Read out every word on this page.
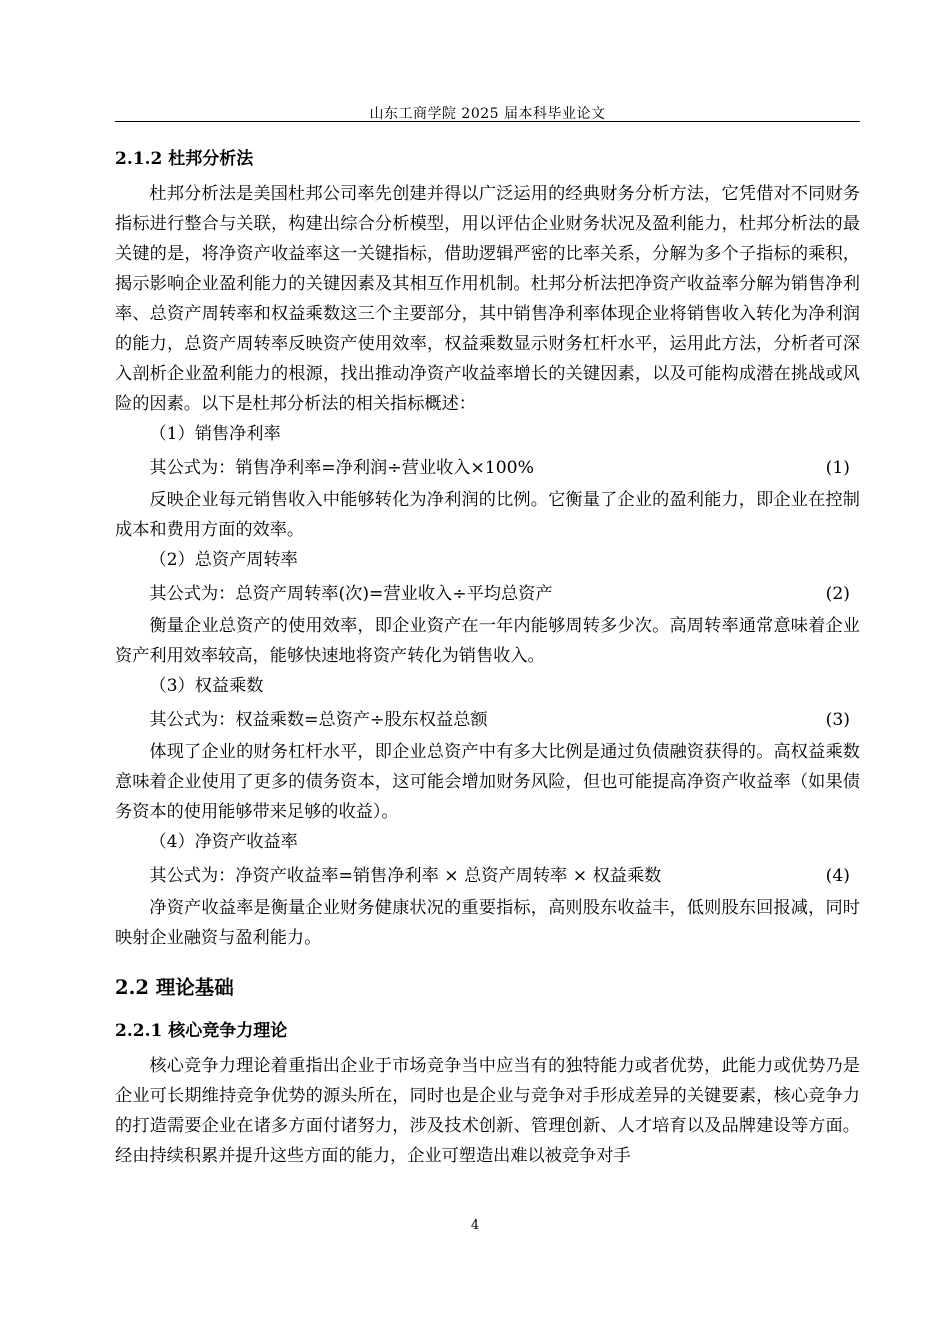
山东工商学院 2025 届本科毕业论文
2.1.2 杜邦分析法

杜邦分析法是美国杜邦公司率先创建并得以广泛运用的经典财务分析方法，它凭借对不同财务指标进行整合与关联，构建出综合分析模型，用以评估企业财务状况及盈利能力，杜邦分析法的最关键的是，将净资产收益率这一关键指标，借助逻辑严密的比率关系，分解为多个子指标的乘积，揭示影响企业盈利能力的关键因素及其相互作用机制。杜邦分析法把净资产收益率分解为销售净利率、总资产周转率和权益乘数这三个主要部分，其中销售净利率体现企业将销售收入转化为净利润的能力，总资产周转率反映资产使用效率，权益乘数显示财务杠杆水平，运用此方法，分析者可深入剖析企业盈利能力的根源，找出推动净资产收益率增长的关键因素，以及可能构成潜在挑战或风险的因素。以下是杜邦分析法的相关指标概述：

（1）销售净利率

其公式为：销售净利率=净利润÷营业收入×100%	(1)

反映企业每元销售收入中能够转化为净利润的比例。它衡量了企业的盈利能力，即企业在控制成本和费用方面的效率。

（2）总资产周转率

其公式为：总资产周转率(次)=营业收入÷平均总资产	(2)

衡量企业总资产的使用效率，即企业资产在一年内能够周转多少次。高周转率通常意味着企业资产利用效率较高，能够快速地将资产转化为销售收入。

（3）权益乘数

其公式为：权益乘数=总资产÷股东权益总额	(3)

体现了企业的财务杠杆水平，即企业总资产中有多大比例是通过负债融资获得的。高权益乘数意味着企业使用了更多的债务资本，这可能会增加财务风险，但也可能提高净资产收益率（如果债务资本的使用能够带来足够的收益）。

（4）净资产收益率

其公式为：净资产收益率=销售净利率 × 总资产周转率 × 权益乘数	(4)

净资产收益率是衡量企业财务健康状况的重要指标，高则股东收益丰，低则股东回报减，同时映射企业融资与盈利能力。

2.2 理论基础
2.2.1 核心竞争力理论

核心竞争力理论着重指出企业于市场竞争当中应当有的独特能力或者优势，此能力或优势乃是企业可长期维持竞争优势的源头所在，同时也是企业与竞争对手形成差异的关键要素，核心竞争力的打造需要企业在诸多方面付诸努力，涉及技术创新、管理创新、人才培育以及品牌建设等方面。经由持续积累并提升这些方面的能力，企业可塑造出难以被竞争对手

4
